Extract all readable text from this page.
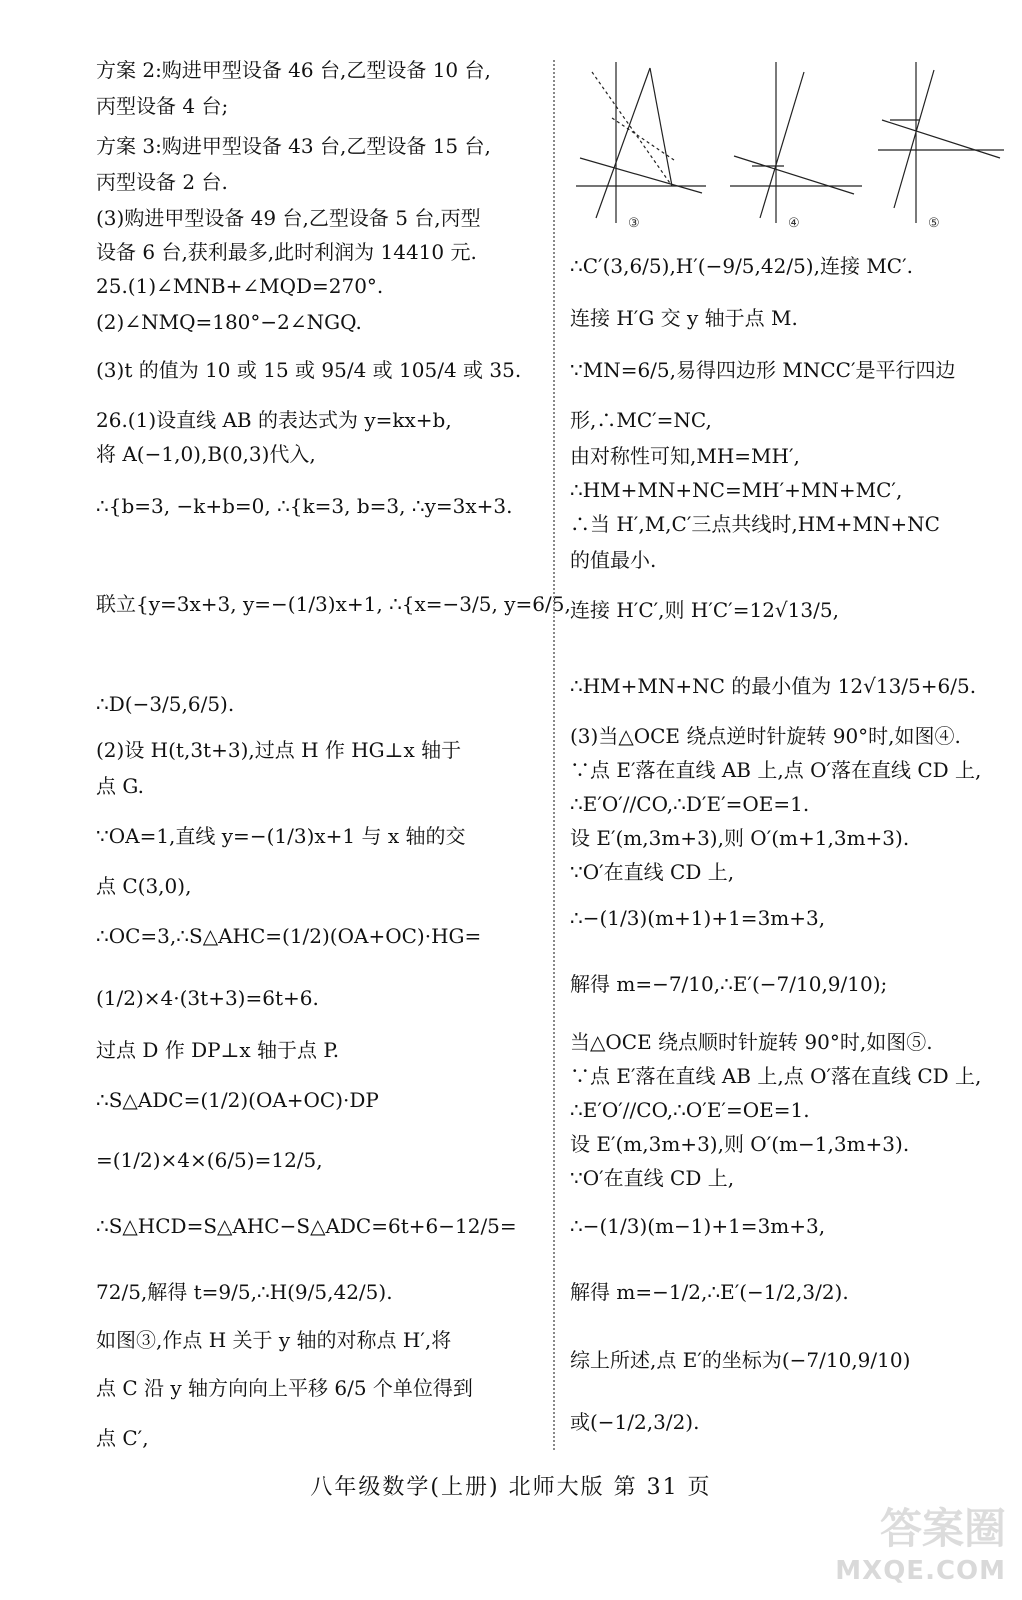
方案 2:购进甲型设备 46 台,乙型设备 10 台,
丙型设备 4 台;
方案 3:购进甲型设备 43 台,乙型设备 15 台,
丙型设备 2 台.
(3)购进甲型设备 49 台,乙型设备 5 台,丙型
设备 6 台,获利最多,此时利润为 14410 元.
25.(1)∠MNB+∠MQD=270°.
(2)∠NMQ=180°−2∠NGQ.
(3)t 的值为 10 或 15 或 95/4 或 105/4 或 35.
26.(1)设直线 AB 的表达式为 y=kx+b,
将 A(−1,0),B(0,3)代入,
∴{b=3, −k+b=0, ∴{k=3, b=3, ∴y=3x+3.
联立{y=3x+3, y=−(1/3)x+1, ∴{x=−3/5, y=6/5,
∴D(−3/5,6/5).
(2)设 H(t,3t+3),过点 H 作 HG⊥x 轴于
点 G.
∵OA=1,直线 y=−(1/3)x+1 与 x 轴的交
点 C(3,0),
∴OC=3,∴S△AHC=(1/2)(OA+OC)·HG=
(1/2)×4·(3t+3)=6t+6.
过点 D 作 DP⊥x 轴于点 P.
∴S△ADC=(1/2)(OA+OC)·DP
=(1/2)×4×(6/5)=12/5,
∴S△HCD=S△AHC−S△ADC=6t+6−12/5=
72/5,解得 t=9/5,∴H(9/5,42/5).
如图③,作点 H 关于 y 轴的对称点 H′,将
点 C 沿 y 轴方向向上平移 6/5 个单位得到
点 C′,
③	④	⑤
∴C′(3,6/5),H′(−9/5,42/5),连接 MC′.
连接 H′G 交 y 轴于点 M.
∵MN=6/5,易得四边形 MNCC′是平行四边
形,∴MC′=NC,
由对称性可知,MH=MH′,
∴HM+MN+NC=MH′+MN+MC′,
∴当 H′,M,C′三点共线时,HM+MN+NC
的值最小.
连接 H′C′,则 H′C′=12√13/5,
∴HM+MN+NC 的最小值为 12√13/5+6/5.
(3)当△OCE 绕点逆时针旋转 90°时,如图④.
∵点 E′落在直线 AB 上,点 O′落在直线 CD 上,
∴E′O′//CO,∴D′E′=OE=1.
设 E′(m,3m+3),则 O′(m+1,3m+3).
∵O′在直线 CD 上,
∴−(1/3)(m+1)+1=3m+3,
解得 m=−7/10,∴E′(−7/10,9/10);
当△OCE 绕点顺时针旋转 90°时,如图⑤.
∵点 E′落在直线 AB 上,点 O′落在直线 CD 上,
∴E′O′//CO,∴O′E′=OE=1.
设 E′(m,3m+3),则 O′(m−1,3m+3).
∵O′在直线 CD 上,
∴−(1/3)(m−1)+1=3m+3,
解得 m=−1/2,∴E′(−1/2,3/2).
综上所述,点 E′的坐标为(−7/10,9/10)
或(−1/2,3/2).
八年级数学(上册) 北师大版 第 31 页
答案圈
MXQE.COM
